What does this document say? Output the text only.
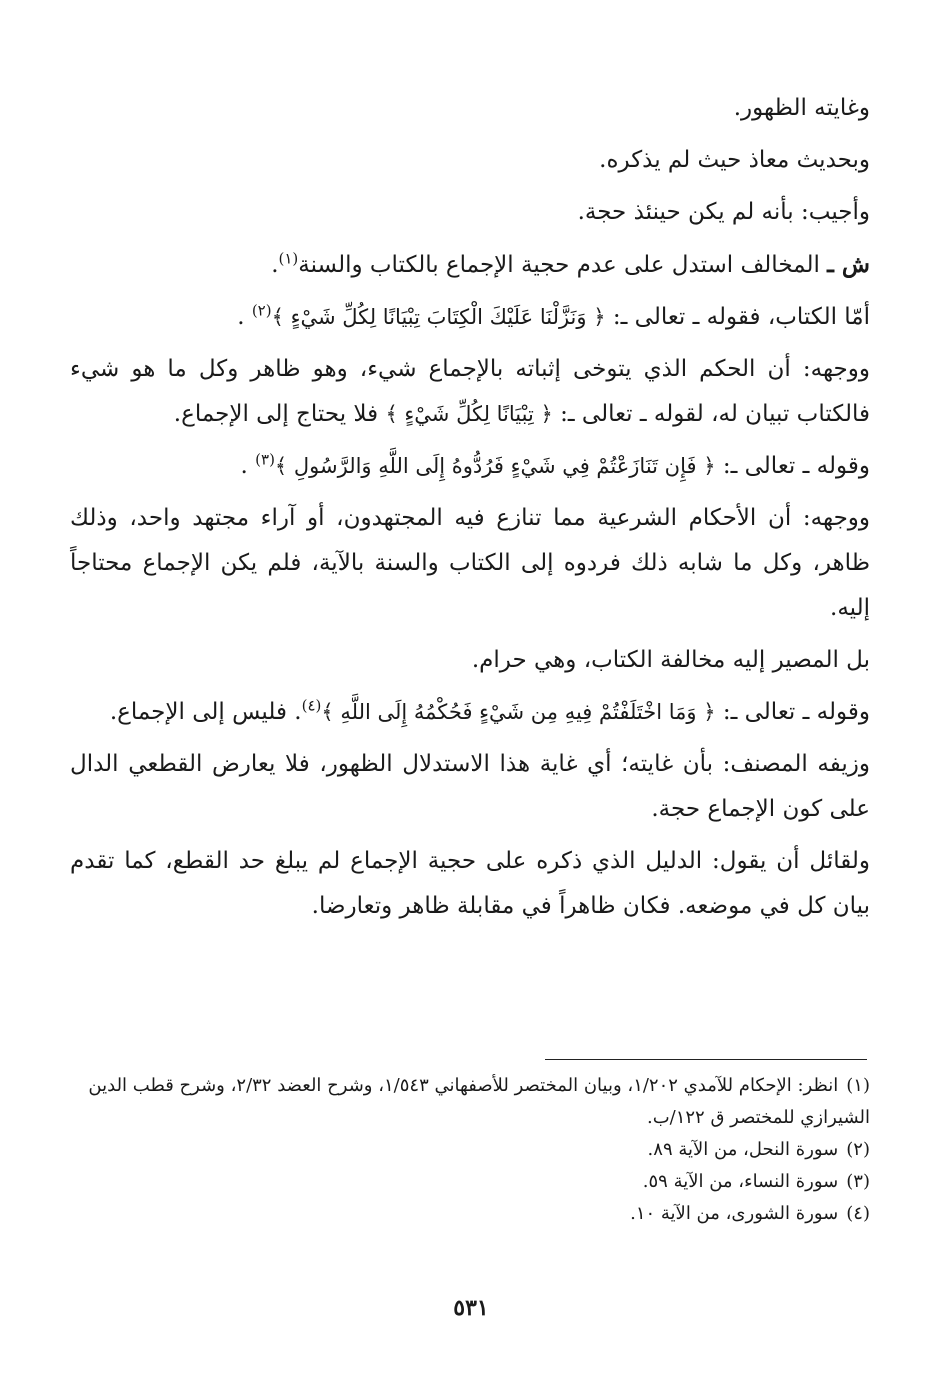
وغايته الظهور.

وبحديث معاذ حيث لم يذكره.

وأجيب: بأنه لم يكن حينئذ حجة.

ش ـ المخالف استدل على عدم حجية الإجماع بالكتاب والسنة$^{(١)}$.

أمّا الكتاب، فقوله ـ تعالى ـ: ﴿ وَنَزَّلْنَا عَلَيْكَ الْكِتَابَ تِبْيَانًا لِكُلِّ شَيْءٍ ﴾$^{(٢)}$ .

ووجهه: أن الحكم الذي يتوخى إثباته بالإجماع شيء، وهو ظاهر وكل ما هو شيء فالكتاب تبيان له، لقوله ـ تعالى ـ: ﴿ تِبْيَانًا لِكُلِّ شَيْءٍ ﴾ فلا يحتاج إلى الإجماع.

وقوله ـ تعالى ـ: ﴿ فَإِن تَنَازَعْتُمْ فِي شَيْءٍ فَرُدُّوهُ إِلَى اللَّهِ وَالرَّسُولِ ﴾$^{(٣)}$ .

ووجهه: أن الأحكام الشرعية مما تنازع فيه المجتهدون، أو آراء مجتهد واحد، وذلك ظاهر، وكل ما شابه ذلك فردوه إلى الكتاب والسنة بالآية، فلم يكن الإجماع محتاجاً إليه.

بل المصير إليه مخالفة الكتاب، وهي حرام.

وقوله ـ تعالى ـ: ﴿ وَمَا اخْتَلَفْتُمْ فِيهِ مِن شَيْءٍ فَحُكْمُهُ إِلَى اللَّهِ ﴾$^{(٤)}$. فليس إلى الإجماع.

وزيفه المصنف: بأن غايته؛ أي غاية هذا الاستدلال الظهور، فلا يعارض القطعي الدال على كون الإجماع حجة.

ولقائل أن يقول: الدليل الذي ذكره على حجية الإجماع لم يبلغ حد القطع، كما تقدم بيان كل في موضعه. فكان ظاهراً في مقابلة ظاهر وتعارضا.

(١)انظر: الإحكام للآمدي ١/٢٠٢، وبيان المختصر للأصفهاني ١/٥٤٣، وشرح العضد ٢/٣٢، وشرح قطب الدين الشيرازي للمختصر ق ١٢٢/ب.

(٢)سورة النحل، من الآية ٨٩.

(٣)سورة النساء، من الآية ٥٩.

(٤)سورة الشورى، من الآية ١٠.

٥٣١
